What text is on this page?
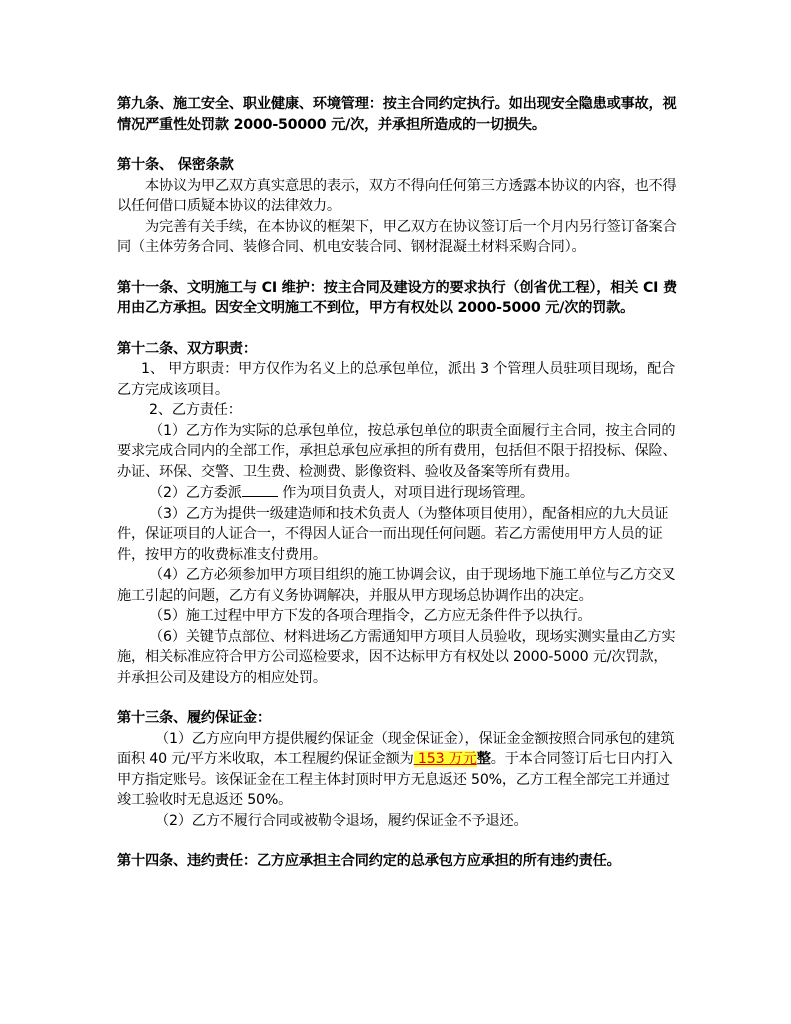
第九条、施工安全、职业健康、环境管理：按主合同约定执行。如出现安全隐患或事故，视情况严重性处罚款 2000-50000 元/次，并承担所造成的一切损失。

第十条、 保密条款

本协议为甲乙双方真实意思的表示，双方不得向任何第三方透露本协议的内容，也不得以任何借口质疑本协议的法律效力。

为完善有关手续，在本协议的框架下，甲乙双方在协议签订后一个月内另行签订备案合同（主体劳务合同、装修合同、机电安装合同、钢材混凝土材料采购合同）。

第十一条、文明施工与 CI 维护：按主合同及建设方的要求执行（创省优工程），相关 CI 费用由乙方承担。因安全文明施工不到位，甲方有权处以 2000-5000 元/次的罚款。

第十二条、双方职责：

1、 甲方职责：甲方仅作为名义上的总承包单位，派出 3 个管理人员驻项目现场，配合乙方完成该项目。

2、乙方责任：

（1）乙方作为实际的总承包单位，按总承包单位的职责全面履行主合同，按主合同的要求完成合同内的全部工作，承担总承包应承担的所有费用，包括但不限于招投标、保险、办证、环保、交警、卫生费、检测费、影像资料、验收及备案等所有费用。

（2）乙方委派	作为项目负责人，对项目进行现场管理。

（3）乙方为提供一级建造师和技术负责人（为整体项目使用），配备相应的九大员证件，保证项目的人证合一，不得因人证合一而出现任何问题。若乙方需使用甲方人员的证件，按甲方的收费标准支付费用。

（4）乙方必须参加甲方项目组织的施工协调会议，由于现场地下施工单位与乙方交叉施工引起的问题，乙方有义务协调解决，并服从甲方现场总协调作出的决定。

（5）施工过程中甲方下发的各项合理指令，乙方应无条件件予以执行。

（6）关键节点部位、材料进场乙方需通知甲方项目人员验收，现场实测实量由乙方实施，相关标准应符合甲方公司巡检要求，因不达标甲方有权处以 2000-5000 元/次罚款，并承担公司及建设方的相应处罚。

第十三条、履约保证金：

（1）乙方应向甲方提供履约保证金（现金保证金），保证金金额按照合同承包的建筑面积 40 元/平方米收取，本工程履约保证金额为 153 万元整。于本合同签订后七日内打入甲方指定账号。该保证金在工程主体封顶时甲方无息返还 50%，乙方工程全部完工并通过竣工验收时无息返还 50%。

（2）乙方不履行合同或被勒令退场，履约保证金不予退还。

第十四条、违约责任：乙方应承担主合同约定的总承包方应承担的所有违约责任。
